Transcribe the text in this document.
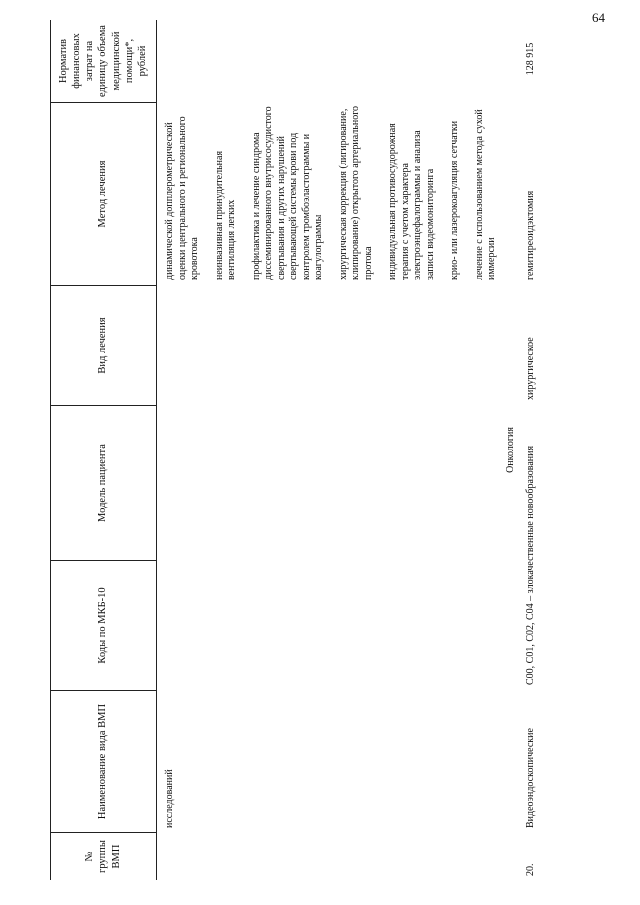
64
№ группы ВМП
Наименование вида ВМП
Коды по МКБ-10
Модель пациента
Вид лечения
Метод лечения
Норматив финансовых затрат на единицу объема медицинской помощи*, рублей
исследований
динамической допплерометрической оценки центрального и регионального кровотока неинвазивная принудительная вентиляция легких профилактика и лечение синдрома диссеминированного внутрисосудистого свертывания и других нарушений свертывающей системы крови под контролем тромбоэластограммы и коагулограммы хирургическая коррекция (лигирование, клипирование) открытого артериального протока индивидуальная противосудорожная терапия с учетом характера электроэнцефалограммы и анализа записи видеомониторинга крио- или лазерокоагуляция сетчатки лечение с использованием метода сухой иммерсии
Онкология
20.
Видеоэндоскопические
C00, C01, C02, C04 – злокачественные новообразования
хирургическое
гемитиреоидэктомия
128 915
